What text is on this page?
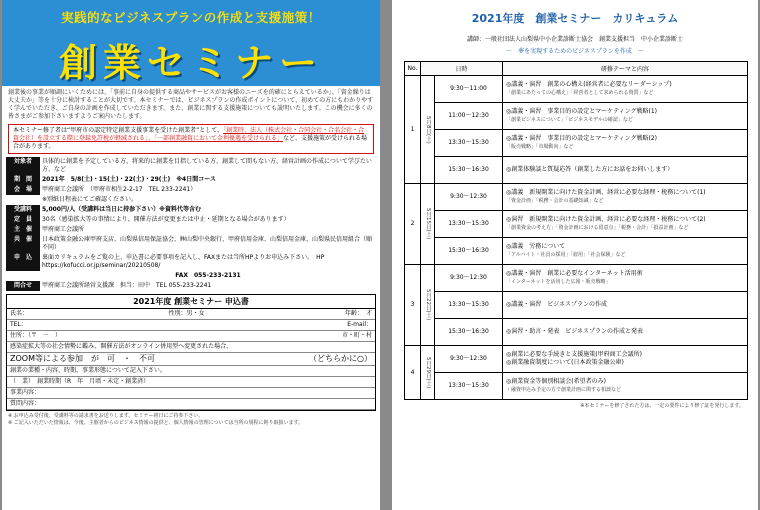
実践的なビジネスプランの作成と支援施策！
創業セミナー
創業後の事業が順調にいくためには、「事前に自身の提供する商品やサービスがお客様のニーズを的確にとらえているか」、「資金繰りは大丈夫か」等を十分に検討することが大切です。本セミナーでは、ビジネスプランの作成ポイントについて、初めての方にもわかりやすく学んでいただき、ご自身の計画を作成していただきます。また、創業に関する支援施策についても説明いたします。この機会に多くの皆さまがご参加下さいますようご案内いたします。
本セミナー修了者は“甲府市の認定特定創業支援事業を受けた創業者”として、「創業時、法人（株式会社・合同会社・合名会社・合資会社）を設立する際に登録免許税が軽減される」、「一部創業融資において金利優遇を受けられる」など、支援施策が受けられる場合があります。
対象者	具体的に創業を予定している方、将来的に創業を目指している方、創業して間もない方、経営計画の作成について学びたい方、など
期　間	2021年　5/8(土)・15(土)・22(土)・29(土)　※4日間コース
会　場	甲府商工会議所　（甲府市相生2-2-17　TEL 233-2241）
	※別紙日程表にてご確認ください。
受講料	5,000円/人（受講料は当日に持参下さい）※資料代等含む
定　員	30名（感染拡大等の事情により、開催方法が変更または中止・延期となる場合があります）
主　催	甲府商工会議所
共　催	日本政策金融公庫甲府支店、山梨県信用保証協会、㈱山梨中央銀行、甲府信用金庫、山梨信用金庫、山梨県民信用組合（順不同）
申　込	裏面カリキュラムをご覧の上、申込書に必要事項を記入し、FAXまたは当所HPよりお申込み下さい。　HP https://kofucci.or.jp/seminar/20210508/
	FAX　055-233-2131
問合せ	甲府商工会議所経営支援課　担当：田中　TEL 055-233-2241
2021年度 創業セミナー 申込書
氏名：	性別：男・女	年齢：　才
TEL：	E-mail：
住所：（〒　－　）	市・町・村
感染症拡大等の社会情勢に鑑み、開催方法がオンライン併用型へ変更された場合、
ZOOM等による参加　が　可　・　不可	（どちらかに○）
創業の業種・内容、時期、事業形態について記入下さい。
（　業）　創業時期（R　年　月頃・未定・創業済）
事業内容：
質問内容：
※ お申込み受付後、受講料等の請求書をお送りします。セミナー初日にご持参下さい。
※ ご記入いただいた情報は、今後、主催者からのビジネス情報の提供と、個人情報の管理については当所の規程に則り取扱います。
2021年度　創業セミナー　カリキュラム
講師：一般社団法人山梨県中小企業診断士協会　創業支援担当　中小企業診断士
～　夢を実現するためのビジネスプランを作成　～
No.	日時		研修テーマと内容
1	5月8日(土)	9:30～11:00	◎講義・演習　創業の心構え(経営者に必要なリーダーシップ)
「創業にあたっての心構え」「経営者として求められる資質」など

		11:00～12:30	◎講義・演習　事業目的の設定とマーケティング戦略(1)
「創業ビジネスについて」「ビジネスモデルの確認」など

		13:30～15:30	◎講義・演習　事業目的の設定とマーケティング戦略(2)
「販売戦略」「市場動向」など

		15:30～16:30	◎創業体験談と質疑応答（創業した方にお話をお伺いします）

2	5月15日(土)	9:30～12:30	◎講義　新規開業に向けた資金計画、経営に必要な経理・税務について(1)
「資金計画」「税務・会計の基礎知識」など

		13:30～15:30	◎演習　新規開業に向けた資金計画、経営に必要な経理・税務について(2)
「創業資金の考え方」「資金計画における留意点」「税務・会計」「損益計画」など

		15:30～16:30	◎講義　労務について
「アルバイト・社員の採用」「雇用」「社会保険」など

3	5月22日(土)	9:30～12:30	◎講義・演習　創業に必要なインターネット活用術
「インターネットを活用した広報・販売戦略」

		13:30～15:30	◎講義・演習　ビジネスプランの作成

		15:30～16:30	◎演習・助言・発表　ビジネスプランの作成と発表

4	5月29日(土)	9:30～12:30	◎創業に必要な手続きと支援施策(甲府商工会議所)
◎創業融資制度について(日本政策金融公庫)

		13:30～15:30	◎創業資金等個別相談会(希望者のみ)
・融資申込み予定の方で創業計画に関する相談など
※本セミナーを修了された方は、一定の要件により修了証を発行します。
